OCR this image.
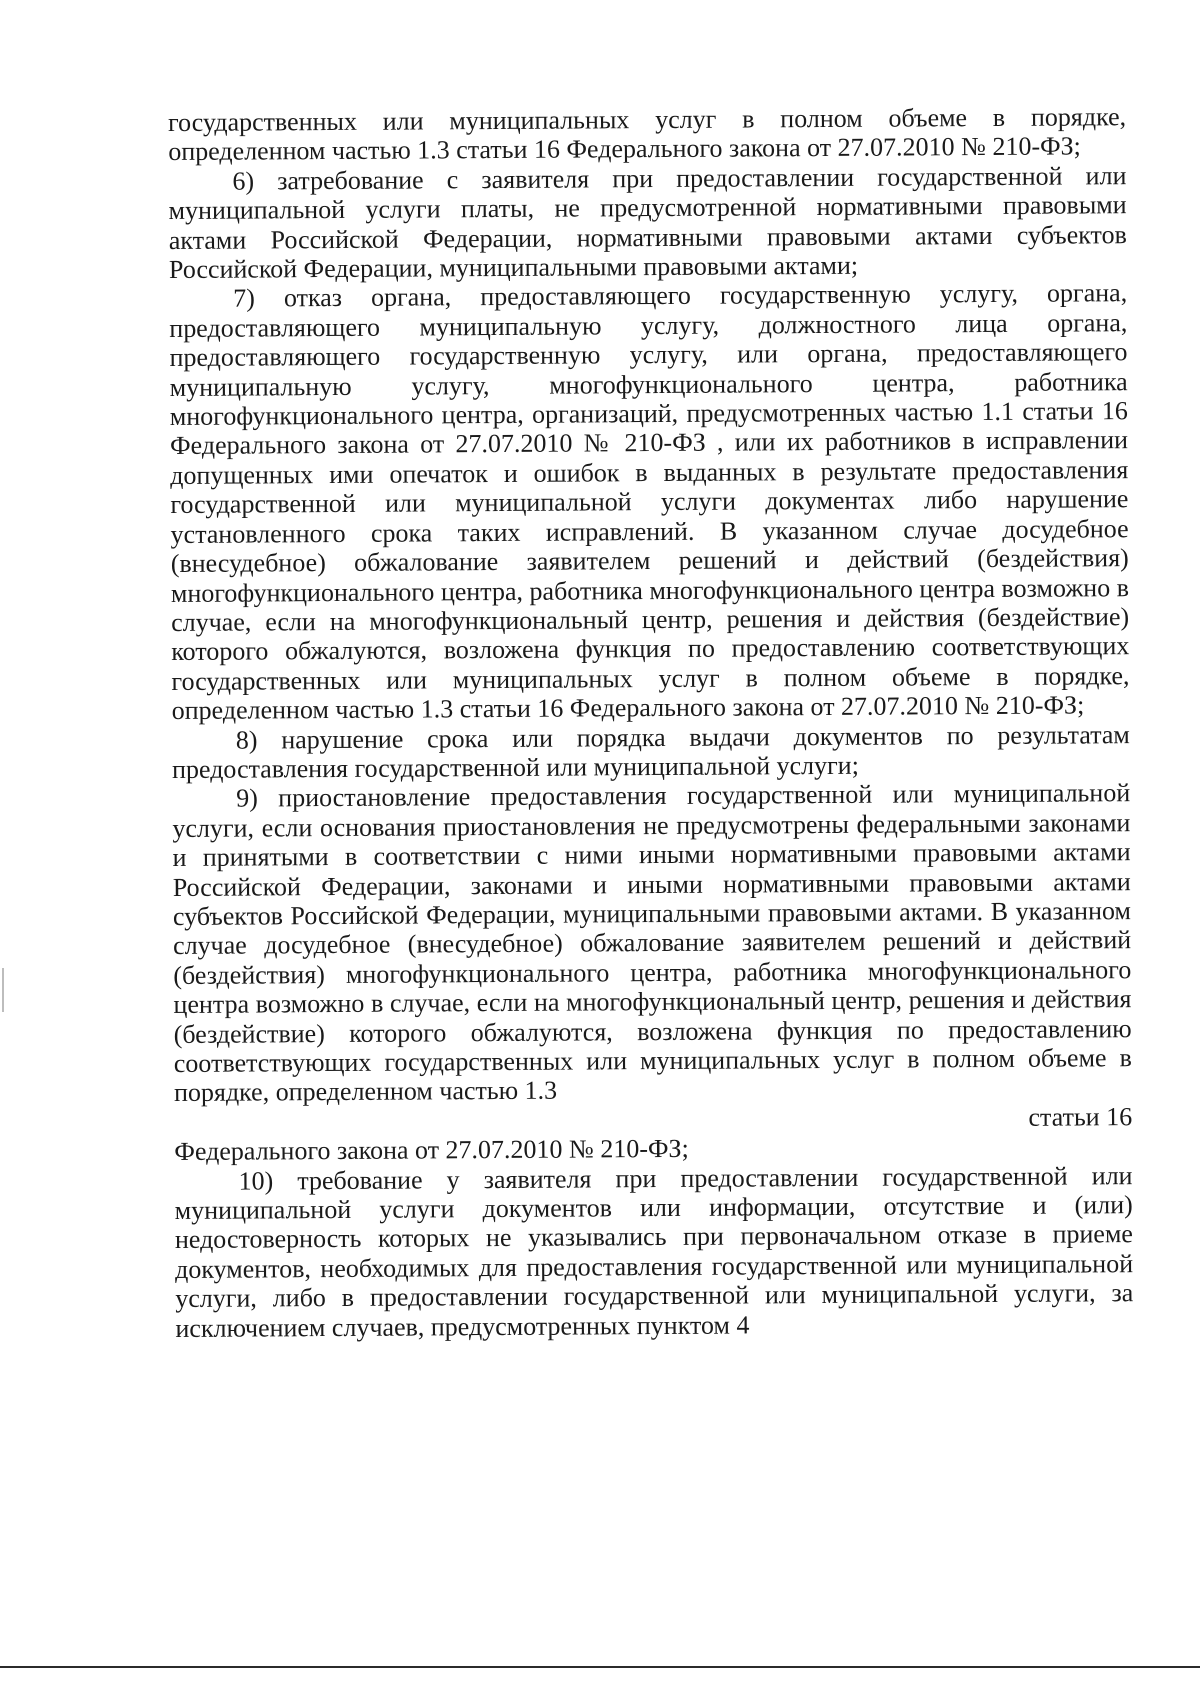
государственных или муниципальных услуг в полном объеме в порядке, определенном частью 1.3 статьи 16 Федерального закона от 27.07.2010 № 210-ФЗ;

6) затребование с заявителя при предоставлении государственной или муниципальной услуги платы, не предусмотренной нормативными правовыми актами Российской Федерации, нормативными правовыми актами субъектов Российской Федерации, муниципальными правовыми актами;

7) отказ органа, предоставляющего государственную услугу, органа, предоставляющего муниципальную услугу, должностного лица органа, предоставляющего государственную услугу, или органа, предоставляющего муниципальную услугу, многофункционального центра, работника многофункционального центра, организаций, предусмотренных частью 1.1 статьи 16 Федерального закона от 27.07.2010 № 210-ФЗ , или их работников в исправлении допущенных ими опечаток и ошибок в выданных в результате предоставления государственной или муниципальной услуги документах либо нарушение установленного срока таких исправлений. В указанном случае досудебное (внесудебное) обжалование заявителем решений и действий (бездействия) многофункционального центра, работника многофункционального центра возможно в случае, если на многофункциональный центр, решения и действия (бездействие) которого обжалуются, возложена функция по предоставлению соответствующих государственных или муниципальных услуг в полном объеме в порядке, определенном частью 1.3 статьи 16 Федерального закона от 27.07.2010 № 210-ФЗ;

8) нарушение срока или порядка выдачи документов по результатам предоставления государственной или муниципальной услуги;

9) приостановление предоставления государственной или муниципальной услуги, если основания приостановления не предусмотрены федеральными законами и принятыми в соответствии с ними иными нормативными правовыми актами Российской Федерации, законами и иными нормативными правовыми актами субъектов Российской Федерации, муниципальными правовыми актами. В указанном случае досудебное (внесудебное) обжалование заявителем решений и действий (бездействия) многофункционального центра, работника многофункционального центра возможно в случае, если на многофункциональный центр, решения и действия (бездействие) которого обжалуются, возложена функция по предоставлению соответствующих государственных или муниципальных услуг в полном объеме в порядке, определенном частью 1.3

статьи 16

Федерального закона от 27.07.2010 № 210-ФЗ;

10) требование у заявителя при предоставлении государственной или муниципальной услуги документов или информации, отсутствие и (или) недостоверность которых не указывались при первоначальном отказе в приеме документов, необходимых для предоставления государственной или муниципальной услуги, либо в предоставлении государственной или муниципальной услуги, за исключением случаев, предусмотренных пунктом 4
